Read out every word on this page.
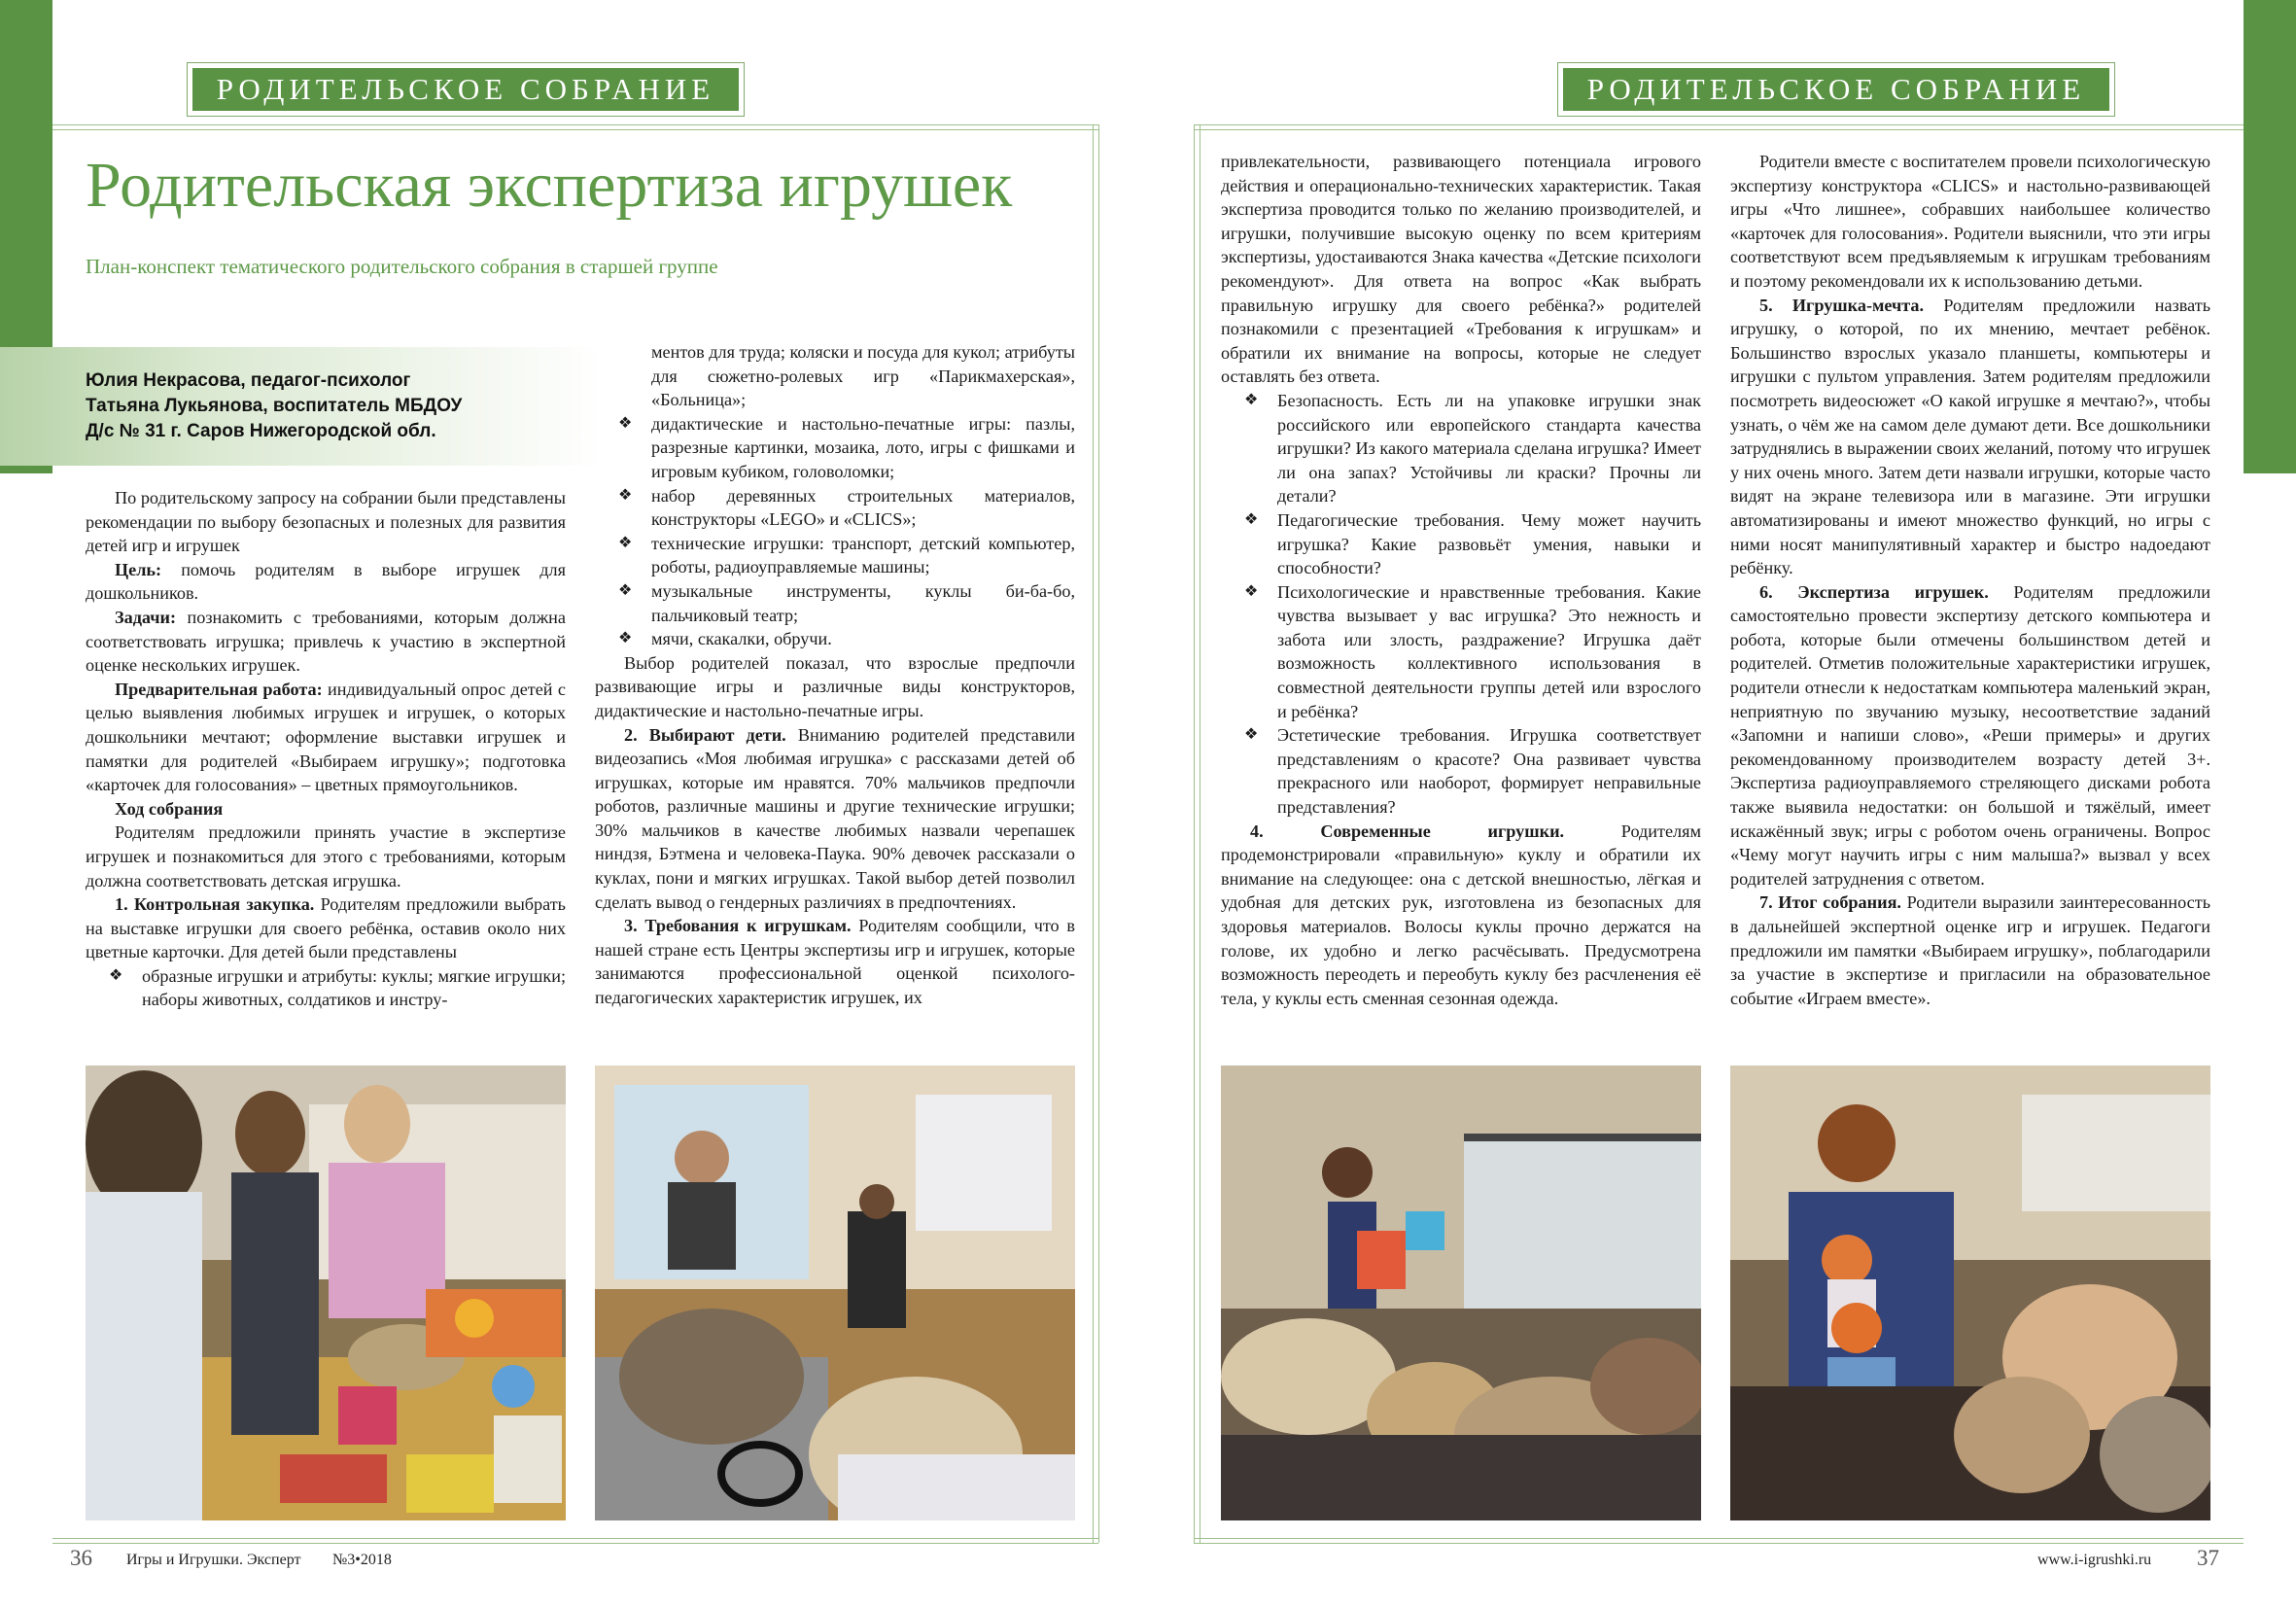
РОДИТЕЛЬСКОЕ СОБРАНИЕ	РОДИТЕЛЬСКОЕ СОБРАНИЕ
Родительская экспертиза игрушек
План-конспект тематического родительского собрания в старшей группе
Юлия Некрасова, педагог-психолог
Татьяна Лукьянова, воспитатель МБДОУ
Д/с № 31 г. Саров Нижегородской обл.

По родительскому запросу на собрании были представлены рекомендации по выбору безопасных и полезных для развития детей игр и игрушек

Цель: помочь родителям в выборе игрушек для дошкольников.

Задачи: познакомить с требованиями, которым должна соответствовать игрушка; привлечь к участию в экспертной оценке нескольких игрушек.

Предварительная работа: индивидуальный опрос детей с целью выявления любимых игрушек и игрушек, о которых дошкольники мечтают; оформление выставки игрушек и памятки для родителей «Выбираем игрушку»; подготовка «карточек для голосования» – цветных прямоугольников.

Ход собрания

Родителям предложили принять участие в экспертизе игрушек и познакомиться для этого с требованиями, которым должна соответствовать детская игрушка.

1. Контрольная закупка. Родителям предложили выбрать на выставке игрушки для своего ребёнка, оставив около них цветные карточки. Для детей были представлены

❖ образные игрушки и атрибуты: куклы; мягкие игрушки; наборы животных, солдатиков и инстру-
ментов для труда; коляски и посуда для кукол; атрибуты для сюжетно-ролевых игр «Парикмахерская», «Больница»;
❖ дидактические и настольно-печатные игры: пазлы, разрезные картинки, мозаика, лото, игры с фишками и игровым кубиком, головоломки;
❖ набор деревянных строительных материалов, конструкторы «LEGO» и «CLICS»;
❖ технические игрушки: транспорт, детский компьютер, роботы, радиоуправляемые машины;
❖ музыкальные инструменты, куклы би-ба-бо, пальчиковый театр;
❖ мячи, скакалки, обручи.

Выбор родителей показал, что взрослые предпочли развивающие игры и различные виды конструкторов, дидактические и настольно-печатные игры.

2. Выбирают дети. Вниманию родителей представили видеозапись «Моя любимая игрушка» с рассказами детей об игрушках, которые им нравятся. 70% мальчиков предпочли роботов, различные машины и другие технические игрушки; 30% мальчиков в качестве любимых назвали черепашек ниндзя, Бэтмена и человека-Паука. 90% девочек рассказали о куклах, пони и мягких игрушках. Такой выбор детей позволил сделать вывод о гендерных различиях в предпочтениях.

3. Требования к игрушкам. Родителям сообщили, что в нашей стране есть Центры экспертизы игр и игрушек, которые занимаются профессиональной оценкой психолого-педагогических характеристик игрушек, их

привлекательности, развивающего потенциала игрового действия и операционально-технических характеристик. Такая экспертиза проводится только по желанию производителей, и игрушки, получившие высокую оценку по всем критериям экспертизы, удостаиваются Знака качества «Детские психологи рекомендуют». Для ответа на вопрос «Как выбрать правильную игрушку для своего ребёнка?» родителей познакомили с презентацией «Требования к игрушкам» и обратили их внимание на вопросы, которые не следует оставлять без ответа.

❖ Безопасность. Есть ли на упаковке игрушки знак российского или европейского стандарта качества игрушки? Из какого материала сделана игрушка? Имеет ли она запах? Устойчивы ли краски? Прочны ли детали?
❖ Педагогические требования. Чему может научить игрушка? Какие развовьёт умения, навыки и способности?
❖ Психологические и нравственные требования. Какие чувства вызывает у вас игрушка? Это нежность и забота или злость, раздражение? Игрушка даёт возможность коллективного использования в совместной деятельности группы детей или взрослого и ребёнка?
❖ Эстетические требования. Игрушка соответствует представлениям о красоте? Она развивает чувства прекрасного или наоборот, формирует неправильные представления?

4. Современные игрушки. Родителям продемонстрировали «правильную» куклу и обратили их внимание на следующее: она с детской внешностью, лёгкая и удобная для детских рук, изготовлена из безопасных для здоровья материалов. Волосы куклы прочно держатся на голове, их удобно и легко расчёсывать. Предусмотрена возможность переодеть и переобуть куклу без расчленения её тела, у куклы есть сменная сезонная одежда.

Родители вместе с воспитателем провели психологическую экспертизу конструктора «CLICS» и настольно-развивающей игры «Что лишнее», собравших наибольшее количество «карточек для голосования». Родители выяснили, что эти игры соответствуют всем предъявляемым к игрушкам требованиям и поэтому рекомендовали их к использованию детьми.

5. Игрушка-мечта. Родителям предложили назвать игрушку, о которой, по их мнению, мечтает ребёнок. Большинство взрослых указало планшеты, компьютеры и игрушки с пультом управления. Затем родителям предложили посмотреть видеосюжет «О какой игрушке я мечтаю?», чтобы узнать, о чём же на самом деле думают дети. Все дошкольники затруднялись в выражении своих желаний, потому что игрушек у них очень много. Затем дети назвали игрушки, которые часто видят на экране телевизора или в магазине. Эти игрушки автоматизированы и имеют множество функций, но игры с ними носят манипулятивный характер и быстро надоедают ребёнку.

6. Экспертиза игрушек. Родителям предложили самостоятельно провести экспертизу детского компьютера и робота, которые были отмечены большинством детей и родителей. Отметив положительные характеристики игрушек, родители отнесли к недостаткам компьютера маленький экран, неприятную по звучанию музыку, несоответствие заданий «Запомни и напиши слово», «Реши примеры» и других рекомендованному производителем возрасту детей 3+. Экспертиза радиоуправляемого стреляющего дисками робота также выявила недостатки: он большой и тяжёлый, имеет искажённый звук; игры с роботом очень ограничены. Вопрос «Чему могут научить игры с ним малыша?» вызвал у всех родителей затруднения с ответом.

7. Итог собрания. Родители выразили заинтересованность в дальнейшей экспертной оценке игр и игрушек. Педагоги предложили им памятки «Выбираем игрушку», поблагодарили за участие в экспертизе и пригласили на образовательное событие «Играем вместе».

36 Игры и Игрушки. Эксперт №3•2018	www.i-igrushki.ru 37
